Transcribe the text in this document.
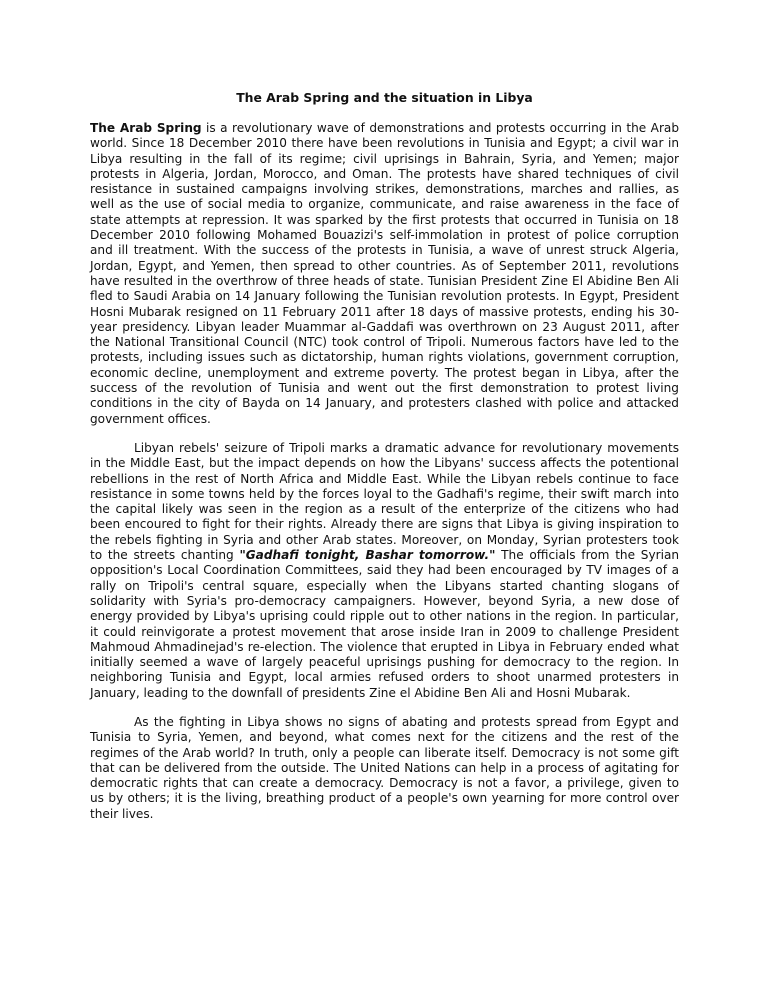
The Arab Spring and the situation in Libya

The Arab Spring is a revolutionary wave of demonstrations and protests occurring in the Arab world. Since 18 December 2010 there have been revolutions in Tunisia and Egypt; a civil war in Libya resulting in the fall of its regime; civil uprisings in Bahrain, Syria, and Yemen; major protests in Algeria, Jordan, Morocco, and Oman. The protests have shared techniques of civil resistance in sustained campaigns involving strikes, demonstrations, marches and rallies, as well as the use of social media to organize, communicate, and raise awareness in the face of state attempts at repression. It was sparked by the first protests that occurred in Tunisia on 18 December 2010 following Mohamed Bouazizi's self-immolation in protest of police corruption and ill treatment. With the success of the protests in Tunisia, a wave of unrest struck Algeria, Jordan, Egypt, and Yemen, then spread to other countries. As of September 2011, revolutions have resulted in the overthrow of three heads of state. Tunisian President Zine El Abidine Ben Ali fled to Saudi Arabia on 14 January following the Tunisian revolution protests. In Egypt, President Hosni Mubarak resigned on 11 February 2011 after 18 days of massive protests, ending his 30-year presidency. Libyan leader Muammar al-Gaddafi was overthrown on 23 August 2011, after the National Transitional Council (NTC) took control of Tripoli. Numerous factors have led to the protests, including issues such as dictatorship, human rights violations, government corruption, economic decline, unemployment and extreme poverty. The protest began in Libya, after the success of the revolution of Tunisia and went out the first demonstration to protest living conditions in the city of Bayda on 14 January, and protesters clashed with police and attacked government offices.

Libyan rebels' seizure of Tripoli marks a dramatic advance for revolutionary movements in the Middle East, but the impact depends on how the Libyans' success affects the potentional rebellions in the rest of North Africa and Middle East. While the Libyan rebels continue to face resistance in some towns held by the forces loyal to the Gadhafi's regime, their swift march into the capital likely was seen in the region as a result of the enterprize of the citizens who had been encoured to fight for their rights. Already there are signs that Libya is giving inspiration to the rebels fighting in Syria and other Arab states. Moreover, on Monday, Syrian protesters took to the streets chanting "Gadhafi tonight, Bashar tomorrow." The officials from the Syrian opposition's Local Coordination Committees, said they had been encouraged by TV images of a rally on Tripoli's central square, especially when the Libyans started chanting slogans of solidarity with Syria's pro-democracy campaigners. However, beyond Syria, a new dose of energy provided by Libya's uprising could ripple out to other nations in the region. In particular, it could reinvigorate a protest movement that arose inside Iran in 2009 to challenge President Mahmoud Ahmadinejad's re-election. The violence that erupted in Libya in February ended what initially seemed a wave of largely peaceful uprisings pushing for democracy to the region. In neighboring Tunisia and Egypt, local armies refused orders to shoot unarmed protesters in January, leading to the downfall of presidents Zine el Abidine Ben Ali and Hosni Mubarak.

As the fighting in Libya shows no signs of abating and protests spread from Egypt and Tunisia to Syria, Yemen, and beyond, what comes next for the citizens and the rest of the regimes of the Arab world? In truth, only a people can liberate itself. Democracy is not some gift that can be delivered from the outside. The United Nations can help in a process of agitating for democratic rights that can create a democracy. Democracy is not a favor, a privilege, given to us by others; it is the living, breathing product of a people's own yearning for more control over their lives.
